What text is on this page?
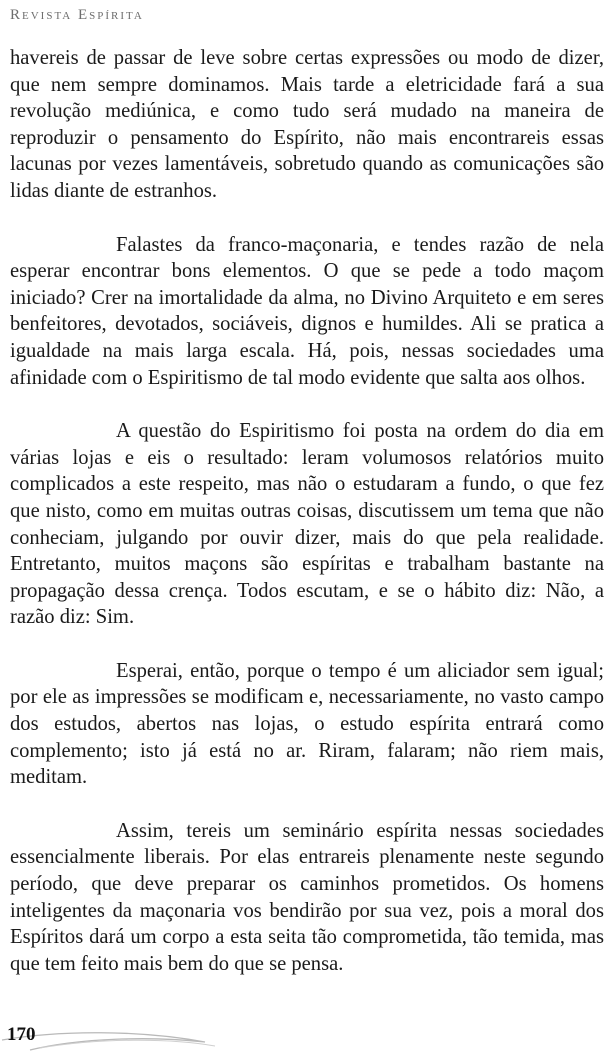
Revista Espírita

havereis de passar de leve sobre certas expressões ou modo de dizer, que nem sempre dominamos. Mais tarde a eletricidade fará a sua revolução mediúnica, e como tudo será mudado na maneira de reproduzir o pensamento do Espírito, não mais encontrareis essas lacunas por vezes lamentáveis, sobretudo quando as comunicações são lidas diante de estranhos.

Falastes da franco-maçonaria, e tendes razão de nela esperar encontrar bons elementos. O que se pede a todo maçom iniciado? Crer na imortalidade da alma, no Divino Arquiteto e em seres benfeitores, devotados, sociáveis, dignos e humildes. Ali se pratica a igualdade na mais larga escala. Há, pois, nessas sociedades uma afinidade com o Espiritismo de tal modo evidente que salta aos olhos.

A questão do Espiritismo foi posta na ordem do dia em várias lojas e eis o resultado: leram volumosos relatórios muito complicados a este respeito, mas não o estudaram a fundo, o que fez que nisto, como em muitas outras coisas, discutissem um tema que não conheciam, julgando por ouvir dizer, mais do que pela realidade. Entretanto, muitos maçons são espíritas e trabalham bastante na propagação dessa crença. Todos escutam, e se o hábito diz: Não, a razão diz: Sim.

Esperai, então, porque o tempo é um aliciador sem igual; por ele as impressões se modificam e, necessariamente, no vasto campo dos estudos, abertos nas lojas, o estudo espírita entrará como complemento; isto já está no ar. Riram, falaram; não riem mais, meditam.

Assim, tereis um seminário espírita nessas sociedades essencialmente liberais. Por elas entrareis plenamente neste segundo período, que deve preparar os caminhos prometidos. Os homens inteligentes da maçonaria vos bendirão por sua vez, pois a moral dos Espíritos dará um corpo a esta seita tão comprometida, tão temida, mas que tem feito mais bem do que se pensa.

170
